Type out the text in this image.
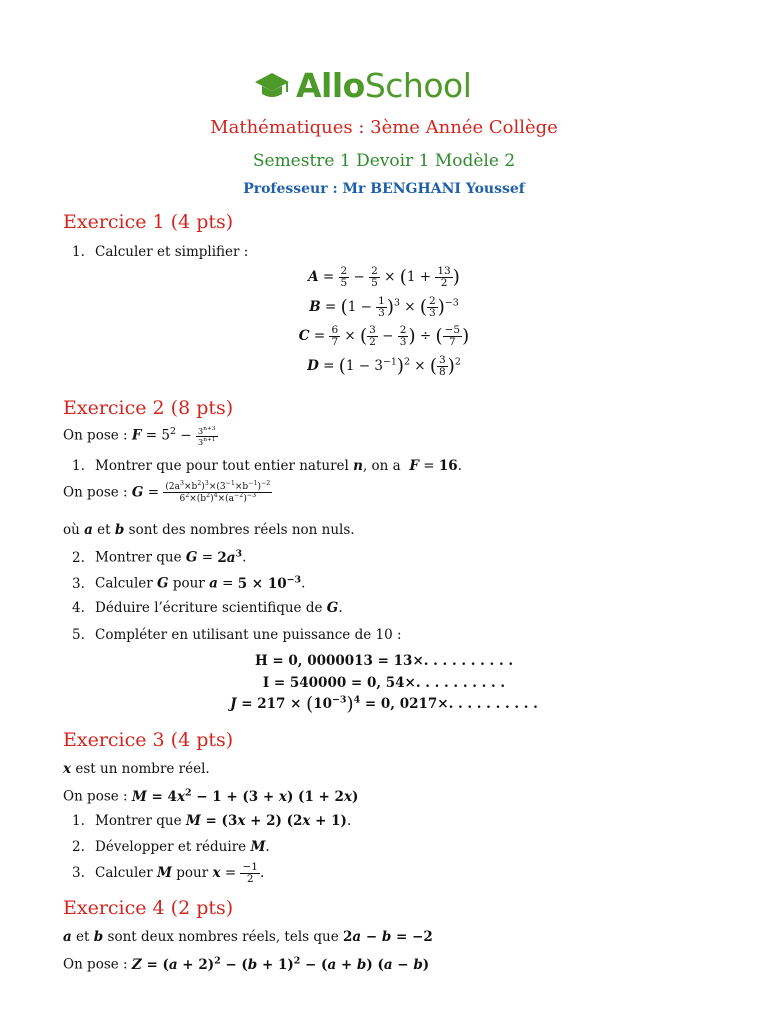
AlloSchool
Mathématiques : 3ème Année Collège
Semestre 1 Devoir 1 Modèle 2
Professeur : Mr BENGHANI Youssef
Exercice 1 (4 pts)
1. Calculer et simplifier :
$A = \frac{2}{5} - \frac{2}{5} \times (1 + \frac{13}{2}$ )
$B = (1 - \frac{1}{3} )^3$ × ( $\frac{2}{3} )^{-3}$
$C = \frac{6}{7}$ × ( $\frac{3}{2} - \frac{2}{3}$ ) ÷ ( $\frac{-5}{7}$ )
$D = (1 - 3^{-1})^2$ × ( $\frac{3}{8} )^2$
Exercice 2 (8 pts)
On pose : $F = 5^2 - \frac{3^{n+3}}{3^{n+1}}$
1. Montrer que pour tout entier naturel n, on a F = 16.
On pose : $G = \frac{(2a^3\times b^2)^3\times(3^{-1}\times b^{-1})^{-2}}{6^2\times(b^2)^4\times(a^{-2})^{-3}}$
où a et b sont des nombres réels non nuls.
2. Montrer que $G = 2a^3$.
3. Calculer G pour $a = 5 \times 10^{-3}$.
4. Déduire l’écriture scientifique de G.
5. Compléter en utilisant une puissance de 10 :
H = 0, 0000013 = 13×. . . . . . . . . .
I = 540000 = 0, 54×. . . . . . . . . .
$J = 217 \times (10^{-3})^4 = 0$, 0217×. . . . . . . . . .
Exercice 3 (4 pts)
x est un nombre réel.
On pose : $M = 4x^2 - 1 + (3 + x) (1 + 2x)$
1. Montrer que M = (3x + 2) (2x + 1).
2. Développer et réduire M.
3. Calculer M pour $x = \frac{-1}{2}$ .
Exercice 4 (2 pts)
a et b sont deux nombres réels, tels que 2a − b = −2
On pose : $Z = (a + 2)^2 - (b + 1)^2 - (a + b)$ (a − b)
